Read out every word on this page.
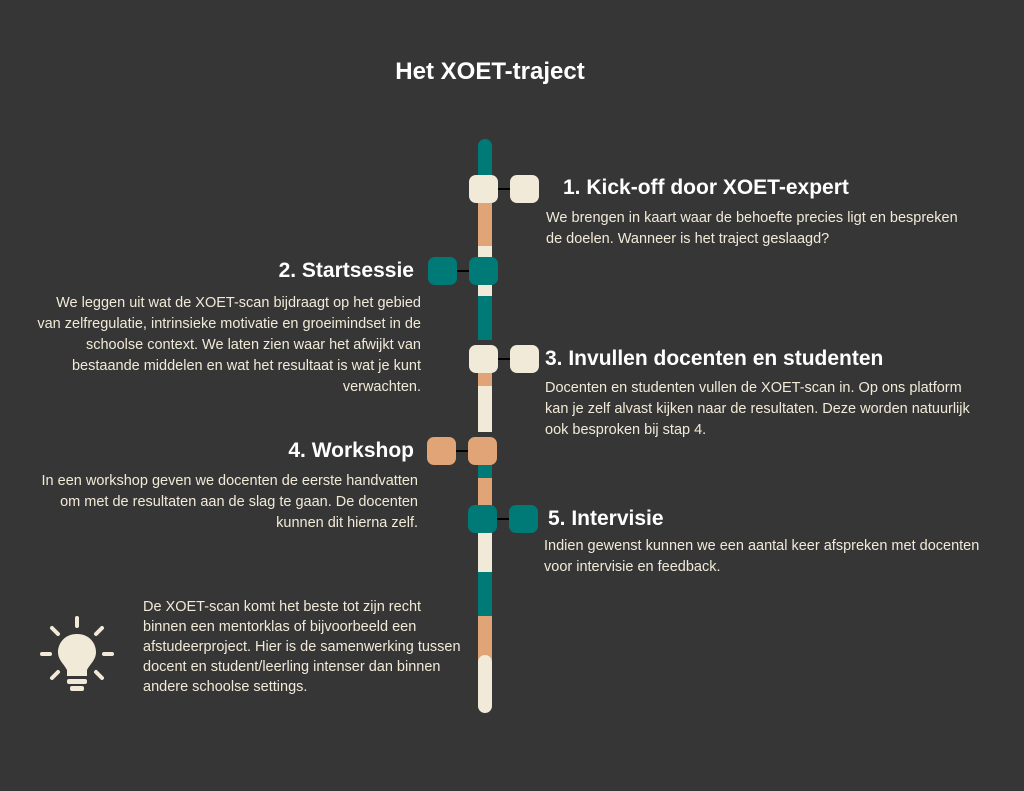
Het XOET-traject
1. Kick-off door XOET-expert
We brengen in kaart waar de behoefte precies ligt en bespreken de doelen. Wanneer is het traject geslaagd?
2. Startsessie
We leggen uit wat de XOET-scan bijdraagt op het gebied van zelfregulatie, intrinsieke motivatie en groeimindset in de schoolse context. We laten zien waar het afwijkt van bestaande middelen en wat het resultaat is wat je kunt verwachten.
3. Invullen docenten en studenten
Docenten en studenten vullen de XOET-scan in. Op ons platform kan je zelf alvast kijken naar de resultaten. Deze worden natuurlijk ook besproken bij stap 4.
4. Workshop
In een workshop geven we docenten de eerste handvatten om met de resultaten aan de slag te gaan. De docenten kunnen dit hierna zelf.	5. Intervisie
Indien gewenst kunnen we een aantal keer afspreken met docenten voor intervisie en feedback.
De XOET-scan komt het beste tot zijn recht binnen een mentorklas of bijvoorbeeld een afstudeerproject. Hier is de samenwerking tussen docent en student/leerling intenser dan binnen andere schoolse settings.
